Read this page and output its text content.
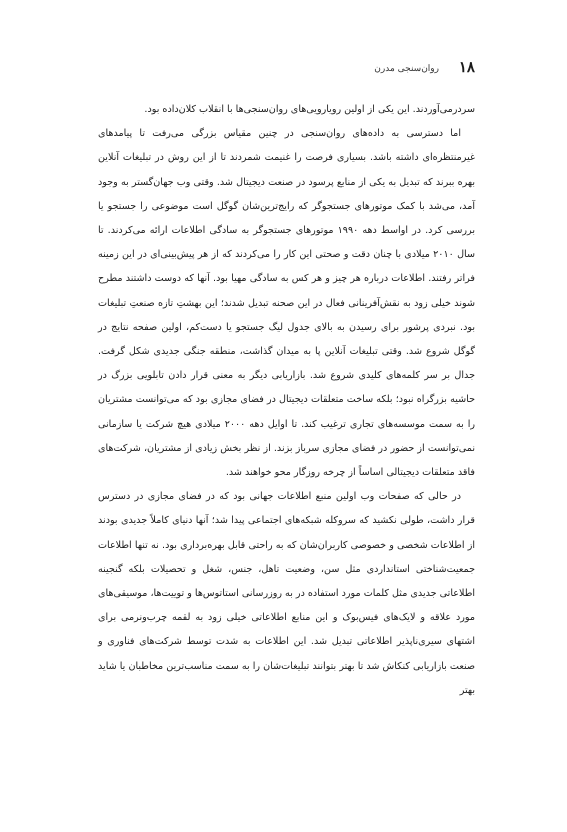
۱۸
روان‌سنجی مدرن

سردرمی‌آوردند. این یکی از اولین رویارویی‌های روان‌سنجی‌ها با انقلاب کلان‌داده بود.

اما دسترسی به داده‌های روان‌سنجی در چنین مقیاس بزرگی می‌رفت تا پیامدهای غیرمنتظره‌ای داشته باشد. بسیاری فرصت را غنیمت شمردند تا از این روش در تبلیغات آنلاین بهره ببرند که تبدیل به یکی از منابع پرسود در صنعت دیجیتال شد. وقتی وب جهان‌گستر به وجود آمد، می‌شد با کمک موتورهای جستجوگر که رایج‌ترین‌شان گوگل است موضوعی را جستجو یا بررسی کرد. در اواسط دهه ۱۹۹۰ موتورهای جستجوگر به سادگی اطلاعات ارائه می‌کردند. تا سال ۲۰۱۰ میلادی با چنان دقت و صحتی این کار را می‌کردند که از هر پیش‌بینی‌ای در این زمینه فراتر رفتند. اطلاعات درباره هر چیز و هر کس به سادگی مهیا بود. آنها که دوست داشتند مطرح شوند خیلی زود به نقش‌آفرینانی فعال در این صحنه تبدیل شدند؛ این بهشتِ تازه صنعتِ تبلیغات بود. نبردی پرشور برای رسیدن به بالای جدول لیگ جستجو یا دست‌کم، اولین صفحه نتایج در گوگل شروع شد. وقتی تبلیغات آنلاین پا به میدان گذاشت، منطقه جنگی جدیدی شکل گرفت. جدال بر سر کلمه‌های کلیدی شروع شد. بازاریابی دیگر به معنی قرار دادن تابلویی بزرگ در حاشیه بزرگراه نبود؛ بلکه ساخت متعلقات دیجیتال در فضای مجازی بود که می‌توانست مشتریان را به سمت موسسه‌های تجاری ترغیب کند. تا اوایل دهه ۲۰۰۰ میلادی هیچ شرکت یا سازمانی نمی‌توانست از حضور در فضای مجازی سرباز بزند. از نظر بخش زیادی از مشتریان، شرکت‌های فاقد متعلقات دیجیتالی اساساً از چرخه روزگار محو خواهند شد.

در حالی که صفحات وب اولین منبع اطلاعات جهانی بود که در فضای مجازی در دسترس قرار داشت، طولی نکشید که سروکله شبکه‌های اجتماعی پیدا شد؛ آنها دنیای کاملاً جدیدی بودند از اطلاعات شخصی و خصوصی کاربران‌شان که به راحتی قابل بهره‌برداری بود. نه تنها اطلاعات جمعیت‌شناختی استانداردی مثل سن، وضعیت تاهل، جنس، شغل و تحصیلات بلکه گنجینه اطلاعاتی جدیدی مثل کلمات مورد استفاده در به روزرسانی استاتوس‌ها و توییت‌ها، موسیقی‌های مورد علاقه و لایک‌های فیس‌بوک و این منابع اطلاعاتی خیلی زود به لقمه چرب‌ونرمی برای اشتهای سیری‌ناپذیر اطلاعاتی تبدیل شد. این اطلاعات به شدت توسط شرکت‌های فناوری و صنعت بازاریابی کنکاش شد تا بهتر بتوانند تبلیغات‌شان را به سمت مناسب‌ترین مخاطبان یا شاید بهتر
